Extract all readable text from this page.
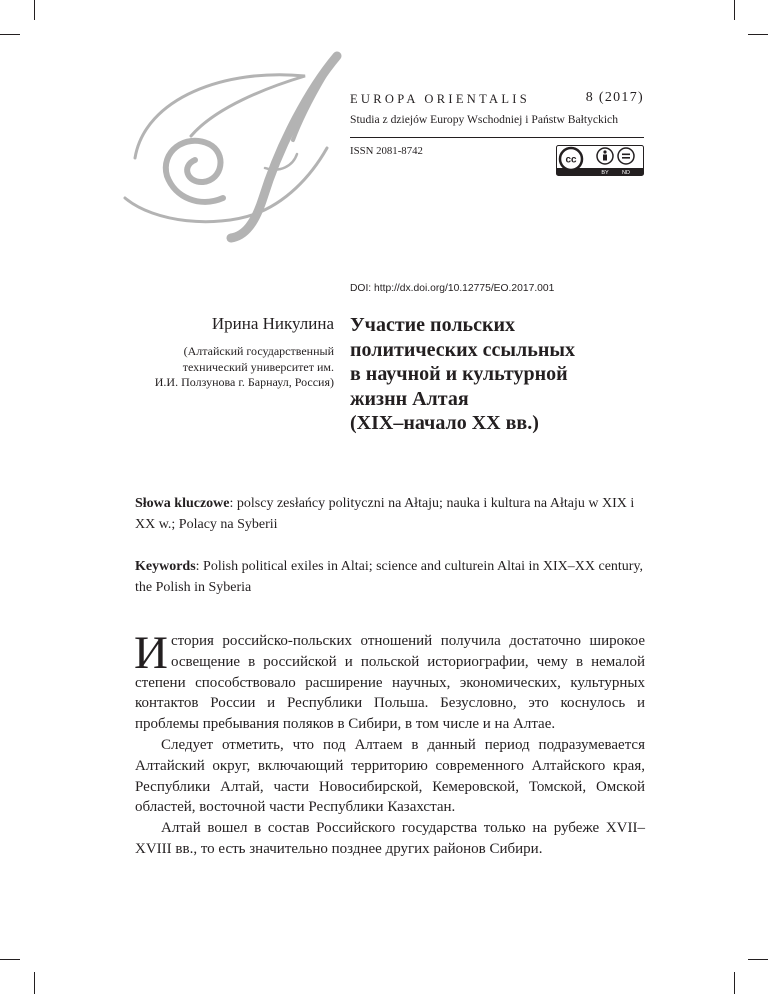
EUROPA ORIENTALIS	8 (2017)
Studia z dziejów Europy Wschodniej i Państw Bałtyckich
ISSN 2081-8742
cc
BY ND
DOI: http://dx.doi.org/10.12775/EO.2017.001
Ирина Никулина
(Алтайский государственный
технический университет им.
И.И. Ползунова г. Барнаул, Россия)
Участие польских
политических ссыльных
в научной и культурной
жизнн Алтая
(XIX–начало XX вв.)

Słowa kluczowe: polscy zesłańcy polityczni na Ałtaju; nauka i kultura na Ałtaju w XIX i XX w.; Polacy na Syberii

Keywords: Polish political exiles in Altai; science and culturein Altai in XIX–XX century, the Polish in Syberia

История российско-польских отношений получила достаточно широкое освещение в российской и польской историографии, чему в немалой степени способствовало расширение научных, экономических, культурных контактов России и Республики Польша. Безусловно, это коснулось и проблемы пребывания поляков в Сибири, в том числе и на Алтае.

Следует отметить, что под Алтаем в данный период подразумевается Алтайский округ, включающий территорию современного Алтайского края, Республики Алтай, части Новосибирской, Кемеровской, Томской, Омской областей, восточной части Республики Казахстан.

Алтай вошел в состав Российского государства только на рубеже XVII–XVIII вв., то есть значительно позднее других районов Сибири.
